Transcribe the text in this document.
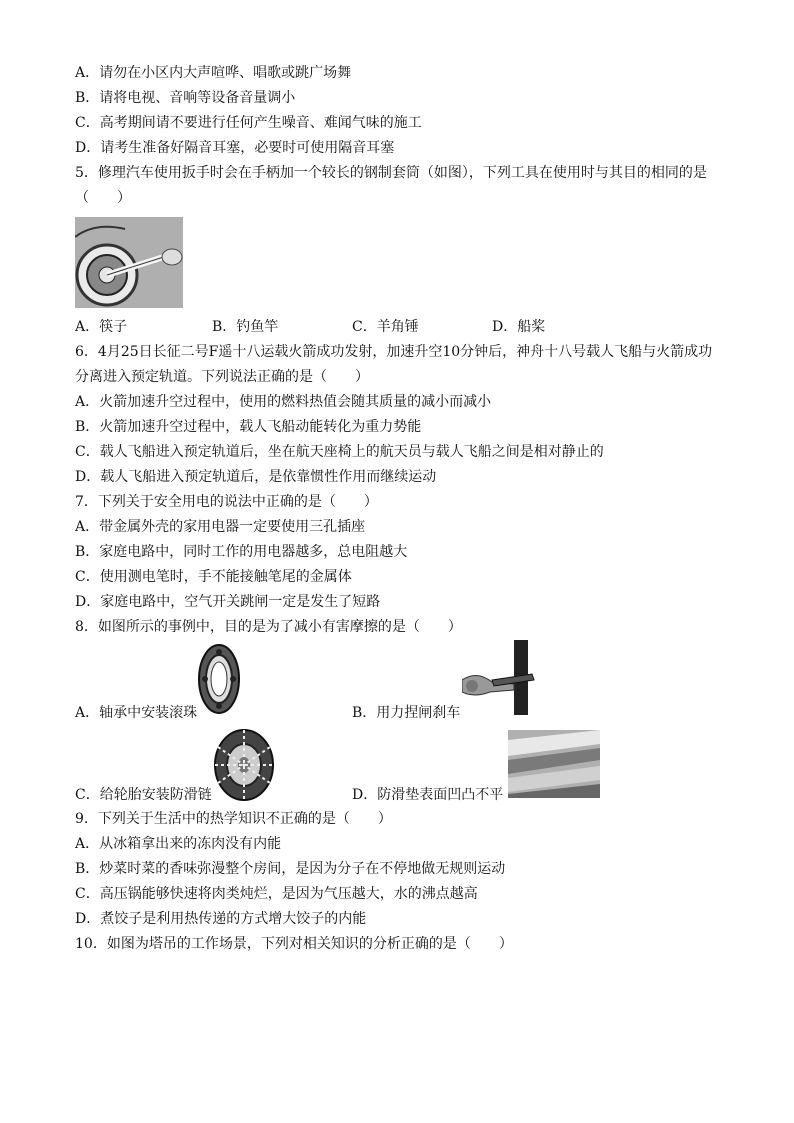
A．请勿在小区内大声喧哗、唱歌或跳广场舞
B．请将电视、音响等设备音量调小
C．高考期间请不要进行任何产生噪音、难闻气味的施工
D．请考生准备好隔音耳塞，必要时可使用隔音耳塞
5．修理汽车使用扳手时会在手柄加一个较长的钢制套筒（如图），下列工具在使用时与其目的相同的是
（　　）
A．筷子	B．钓鱼竿	C．羊角锤	D．船桨
6．4月25日长征二号F遥十八运载火箭成功发射，加速升空10分钟后，神舟十八号载人飞船与火箭成功
分离进入预定轨道。下列说法正确的是（　　）
A．火箭加速升空过程中，使用的燃料热值会随其质量的减小而减小
B．火箭加速升空过程中，载人飞船动能转化为重力势能
C．载人飞船进入预定轨道后，坐在航天座椅上的航天员与载人飞船之间是相对静止的
D．载人飞船进入预定轨道后，是依靠惯性作用而继续运动
7．下列关于安全用电的说法中正确的是（　　）
A．带金属外壳的家用电器一定要使用三孔插座
B．家庭电路中，同时工作的用电器越多，总电阻越大
C．使用测电笔时，手不能接触笔尾的金属体
D．家庭电路中，空气开关跳闸一定是发生了短路
8．如图所示的事例中，目的是为了减小有害摩擦的是（　　）
A．轴承中安装滚珠	B．用力捏闸刹车
C．给轮胎安装防滑链	D．防滑垫表面凹凸不平
9．下列关于生活中的热学知识不正确的是（　　）
A．从冰箱拿出来的冻肉没有内能
B．炒菜时菜的香味弥漫整个房间，是因为分子在不停地做无规则运动
C．高压锅能够快速将肉类炖烂，是因为气压越大，水的沸点越高
D．煮饺子是利用热传递的方式增大饺子的内能
10．如图为塔吊的工作场景，下列对相关知识的分析正确的是（　　）
